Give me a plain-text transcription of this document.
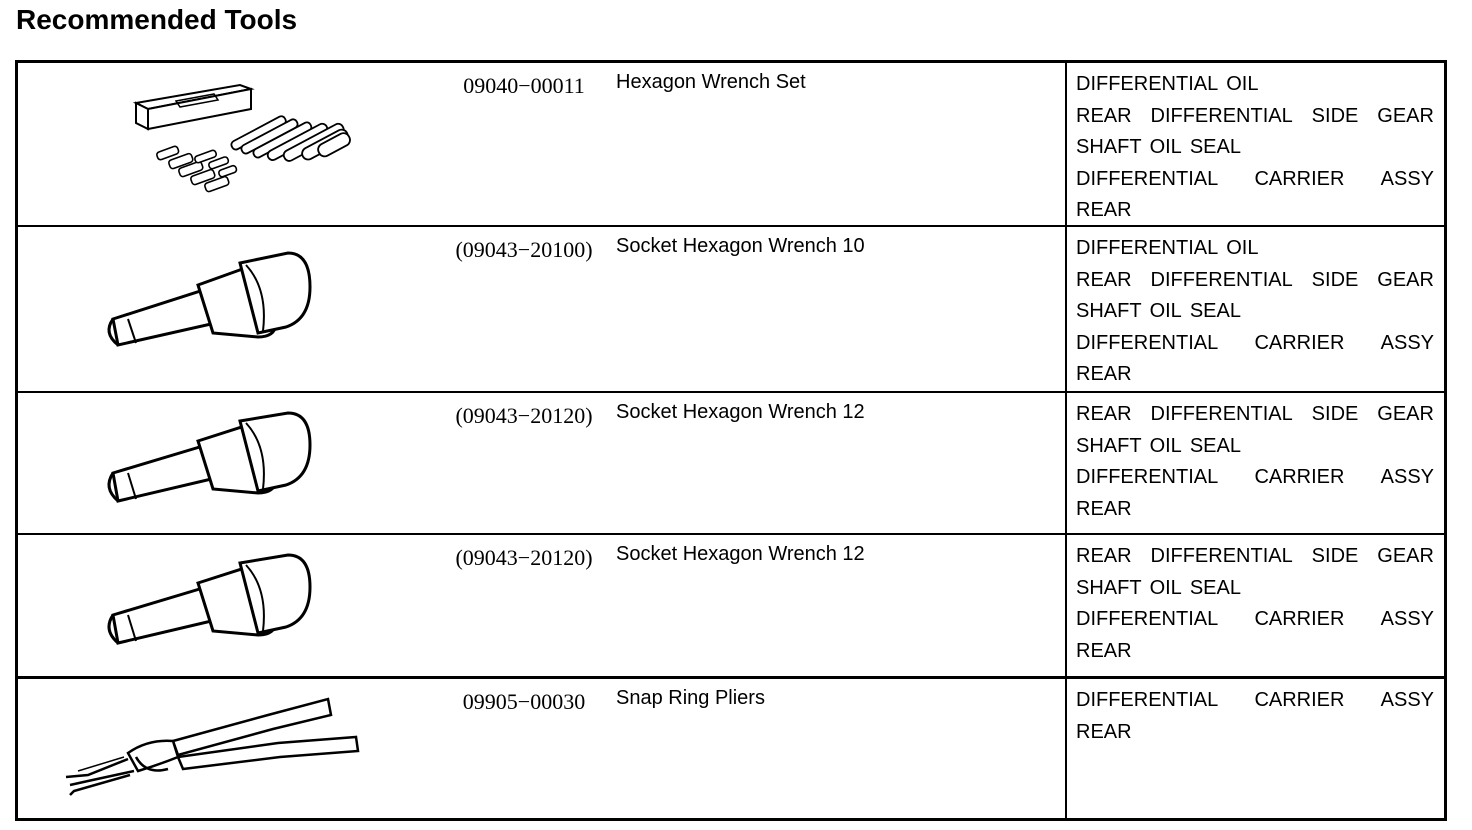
Recommended Tools
09040−00011	Hexagon Wrench Set	DIFFERENTIAL OIL
REAR DIFFERENTIAL SIDE GEAR
SHAFT OIL SEAL
DIFFERENTIAL CARRIER ASSY
REAR
(09043−20100)	Socket Hexagon Wrench 10	DIFFERENTIAL OIL
REAR DIFFERENTIAL SIDE GEAR
SHAFT OIL SEAL
DIFFERENTIAL CARRIER ASSY
REAR
(09043−20120)	Socket Hexagon Wrench 12	REAR DIFFERENTIAL SIDE GEAR
SHAFT OIL SEAL
DIFFERENTIAL CARRIER ASSY
REAR
(09043−20120)	Socket Hexagon Wrench 12	REAR DIFFERENTIAL SIDE GEAR
SHAFT OIL SEAL
DIFFERENTIAL CARRIER ASSY
REAR
09905−00030	Snap Ring Pliers	DIFFERENTIAL CARRIER ASSY
REAR
